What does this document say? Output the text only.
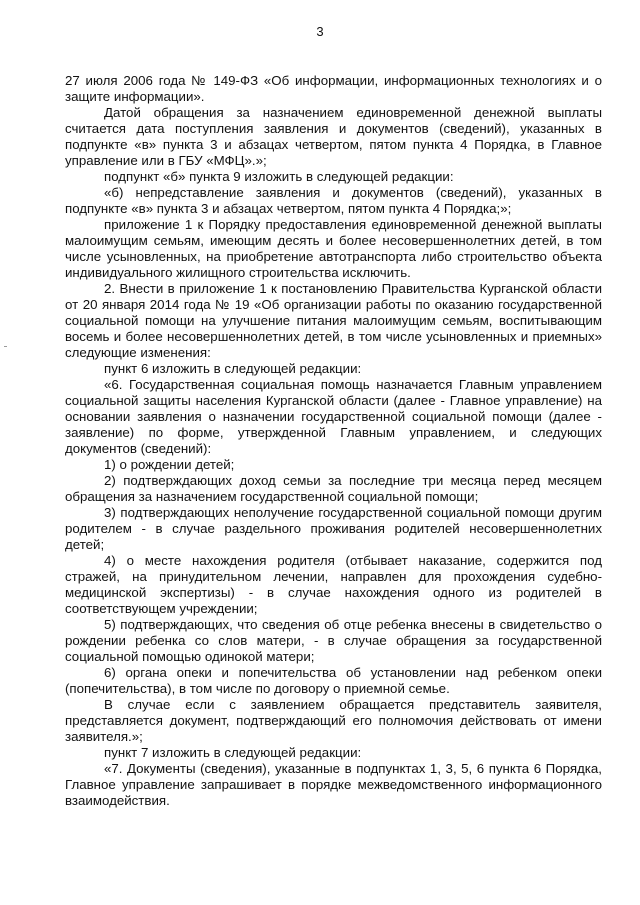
3

27 июля 2006 года № 149-ФЗ «Об информации, информационных технологиях и о защите информации».

Датой обращения за назначением единовременной денежной выплаты считается дата поступления заявления и документов (сведений), указанных в подпункте «в» пункта 3 и абзацах четвертом, пятом пункта 4 Порядка, в Главное управление или в ГБУ «МФЦ».»;

подпункт «б» пункта 9 изложить в следующей редакции:

«б) непредставление заявления и документов (сведений), указанных в подпункте «в» пункта 3 и абзацах четвертом, пятом пункта 4 Порядка;»;

приложение 1 к Порядку предоставления единовременной денежной выплаты малоимущим семьям, имеющим десять и более несовершеннолетних детей, в том числе усыновленных, на приобретение автотранспорта либо строительство объекта индивидуального жилищного строительства исключить.

2. Внести в приложение 1 к постановлению Правительства Курганской области от 20 января 2014 года № 19 «Об организации работы по оказанию государственной социальной помощи на улучшение питания малоимущим семьям, воспитывающим восемь и более несовершеннолетних детей, в том числе усыновленных и приемных» следующие изменения:

пункт 6 изложить в следующей редакции:

«6. Государственная социальная помощь назначается Главным управлением социальной защиты населения Курганской области (далее - Главное управление) на основании заявления о назначении государственной социальной помощи (далее - заявление) по форме, утвержденной Главным управлением, и следующих документов (сведений):

1) о рождении детей;

2) подтверждающих доход семьи за последние три месяца перед месяцем обращения за назначением государственной социальной помощи;

3) подтверждающих неполучение государственной социальной помощи другим родителем - в случае раздельного проживания родителей несовершеннолетних детей;

4) о месте нахождения родителя (отбывает наказание, содержится под стражей, на принудительном лечении, направлен для прохождения судебно-медицинской экспертизы) - в случае нахождения одного из родителей в соответствующем учреждении;

5) подтверждающих, что сведения об отце ребенка внесены в свидетельство о рождении ребенка со слов матери, - в случае обращения за государственной социальной помощью одинокой матери;

6) органа опеки и попечительства об установлении над ребенком опеки (попечительства), в том числе по договору о приемной семье.

В случае если с заявлением обращается представитель заявителя, представляется документ, подтверждающий его полномочия действовать от имени заявителя.»;

пункт 7 изложить в следующей редакции:

«7. Документы (сведения), указанные в подпунктах 1, 3, 5, 6 пункта 6 Порядка, Главное управление запрашивает в порядке межведомственного информационного взаимодействия.
